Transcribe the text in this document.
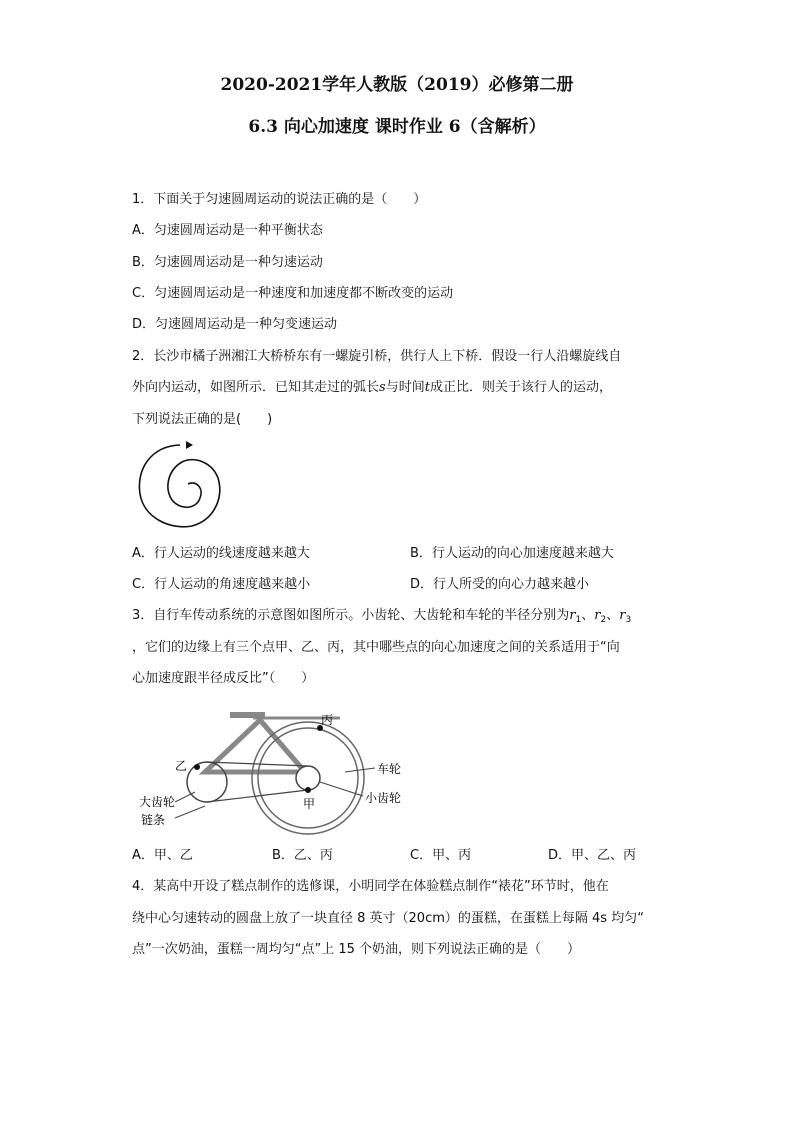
2020-2021学年人教版（2019）必修第二册
6.3 向心加速度 课时作业 6（含解析）
1．下面关于匀速圆周运动的说法正确的是（　　）
A．匀速圆周运动是一种平衡状态
B．匀速圆周运动是一种匀速运动
C．匀速圆周运动是一种速度和加速度都不断改变的运动
D．匀速圆周运动是一种匀变速运动
2．长沙市橘子洲湘江大桥桥东有一螺旋引桥，供行人上下桥．假设一行人沿螺旋线自
外向内运动，如图所示．已知其走过的弧长s与时间t成正比．则关于该行人的运动，
下列说法正确的是(　　)
A．行人运动的线速度越来越大	B．行人运动的向心加速度越来越大
C．行人运动的角速度越来越小	D．行人所受的向心力越来越小
3．自行车传动系统的示意图如图所示。小齿轮、大齿轮和车轮的半径分别为$r_1$、$r_2$、$r_3$
，它们的边缘上有三个点甲、乙、丙，其中哪些点的向心加速度之间的关系适用于“向
心加速度跟半径成反比”（　　）
丙
乙
甲
车轮
小齿轮
大齿轮
链条
A．甲、乙	B．乙、丙	C．甲、丙	D．甲、乙、丙
4．某高中开设了糕点制作的选修课，小明同学在体验糕点制作“裱花”环节时，他在
绕中心匀速转动的圆盘上放了一块直径 8 英寸（20cm）的蛋糕，在蛋糕上每隔 4s 均匀“
点”一次奶油，蛋糕一周均匀“点”上 15 个奶油，则下列说法正确的是（　　）
